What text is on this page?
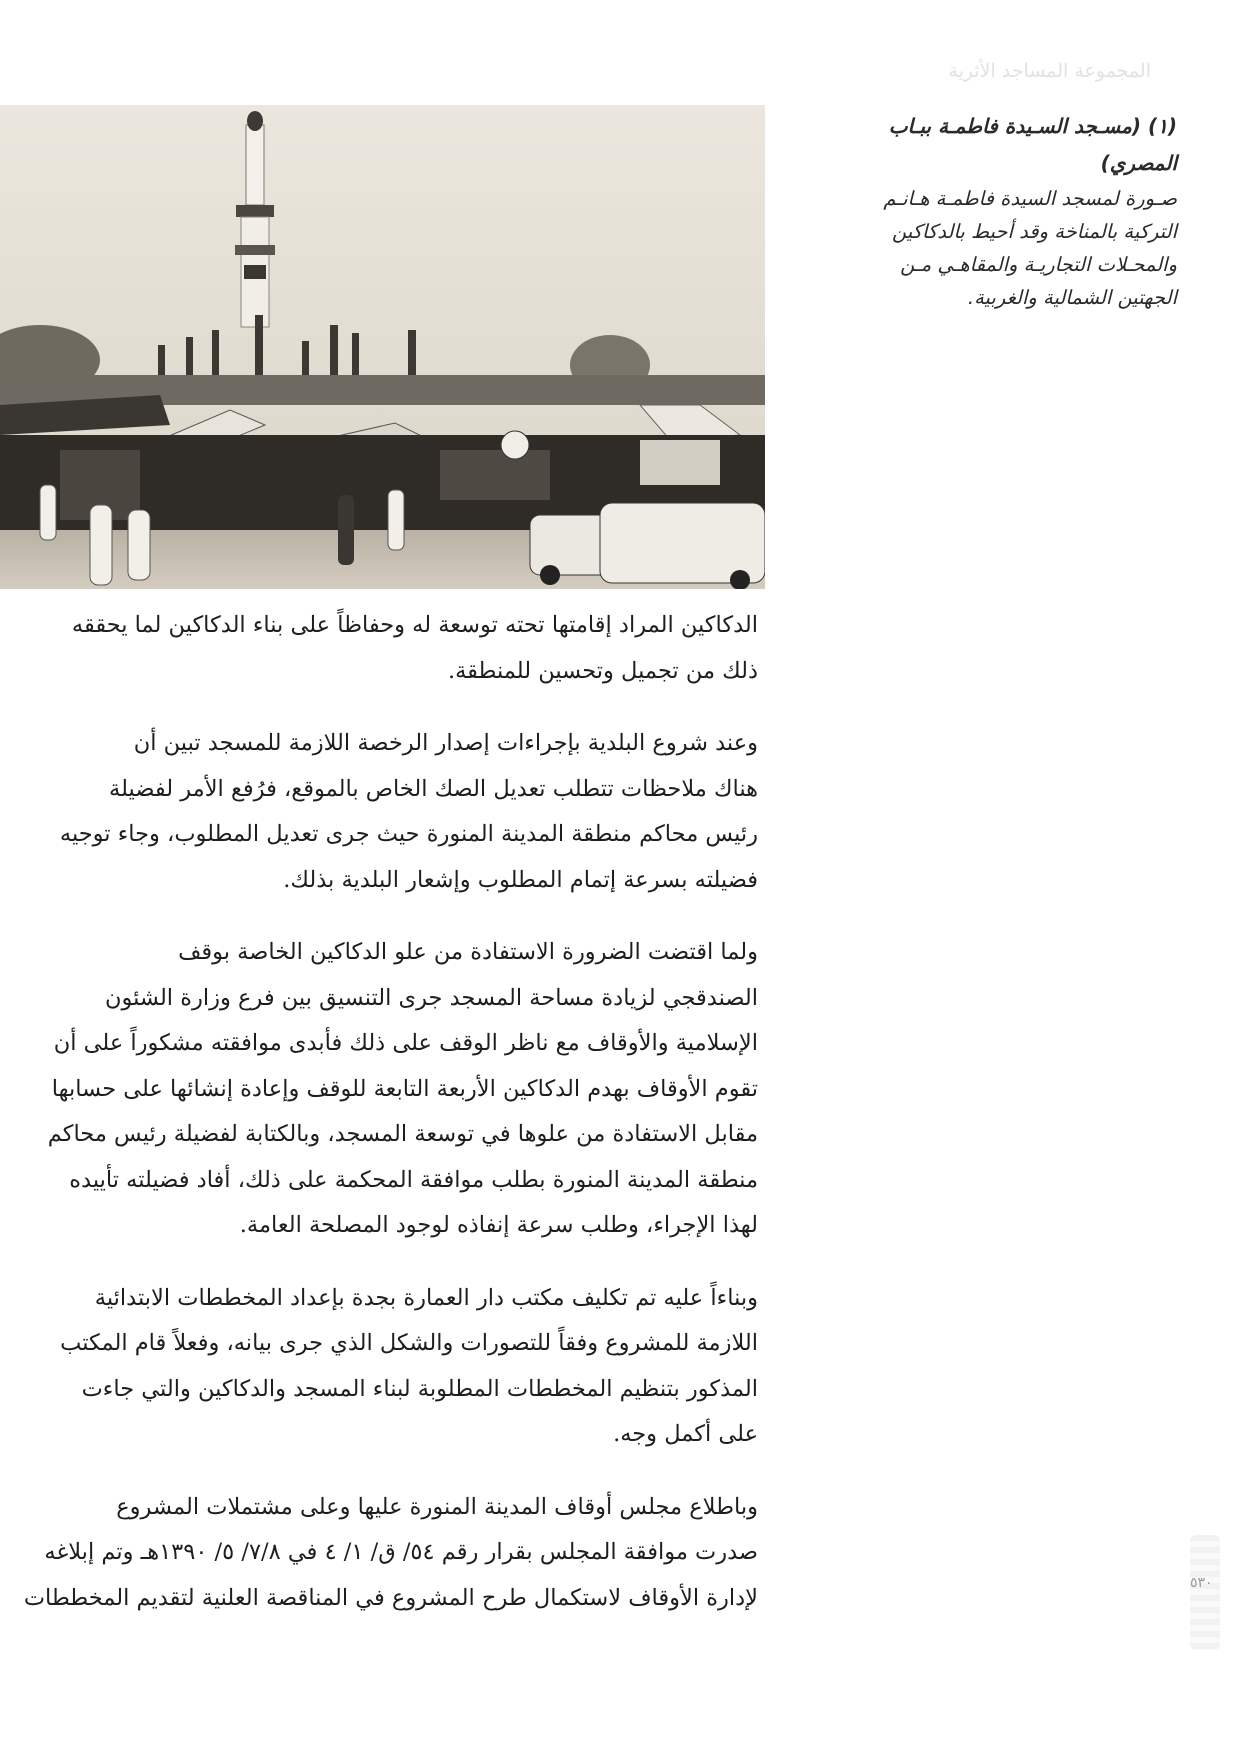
المجموعة المساجد الأثرية
(١) (مسـجد السـيدة فاطمـة ببـاب
المصري)
صـورة لمسجد السيدة فاطمـة هـانـم
التركية بالمناخة وقد أحيط بالدكاكين
والمحـلات التجاريـة والمقاهـي مـن
الجهتين الشمالية والغربية.
الدكاكين المراد إقامتها تحته توسعة له وحفاظاً على بناء الدكاكين لما يحققه
ذلك من تجميل وتحسين للمنطقة.
وعند شروع البلدية بإجراءات إصدار الرخصة اللازمة للمسجد تبين أن
هناك ملاحظات تتطلب تعديل الصك الخاص بالموقع، فرُفع الأمر لفضيلة
رئيس محاكم منطقة المدينة المنورة حيث جرى تعديل المطلوب، وجاء توجيه
فضيلته بسرعة إتمام المطلوب وإشعار البلدية بذلك.
ولما اقتضت الضرورة الاستفادة من علو الدكاكين الخاصة بوقف
الصندقجي لزيادة مساحة المسجد جرى التنسيق بين فرع وزارة الشئون
الإسلامية والأوقاف مع ناظر الوقف على ذلك فأبدى موافقته مشكوراً على أن
تقوم الأوقاف بهدم الدكاكين الأربعة التابعة للوقف وإعادة إنشائها على حسابها
مقابل الاستفادة من علوها في توسعة المسجد، وبالكتابة لفضيلة رئيس محاكم
منطقة المدينة المنورة بطلب موافقة المحكمة على ذلك، أفاد فضيلته تأييده
لهذا الإجراء، وطلب سرعة إنفاذه لوجود المصلحة العامة.
وبناءاً عليه تم تكليف مكتب دار العمارة بجدة بإعداد المخططات الابتدائية
اللازمة للمشروع وفقاً للتصورات والشكل الذي جرى بيانه، وفعلاً قام المكتب
المذكور بتنظيم المخططات المطلوبة لبناء المسجد والدكاكين والتي جاءت
على أكمل وجه.
وباطلاع مجلس أوقاف المدينة المنورة عليها وعلى مشتملات المشروع
صدرت موافقة المجلس بقرار رقم ٥٤/ ق/ ١/ ٤ في ٧/٨/ ٥/ ١٣٩٠هـ وتم إبلاغه
لإدارة الأوقاف لاستكمال طرح المشروع في المناقصة العلنية لتقديم المخططات
٥٣٠
